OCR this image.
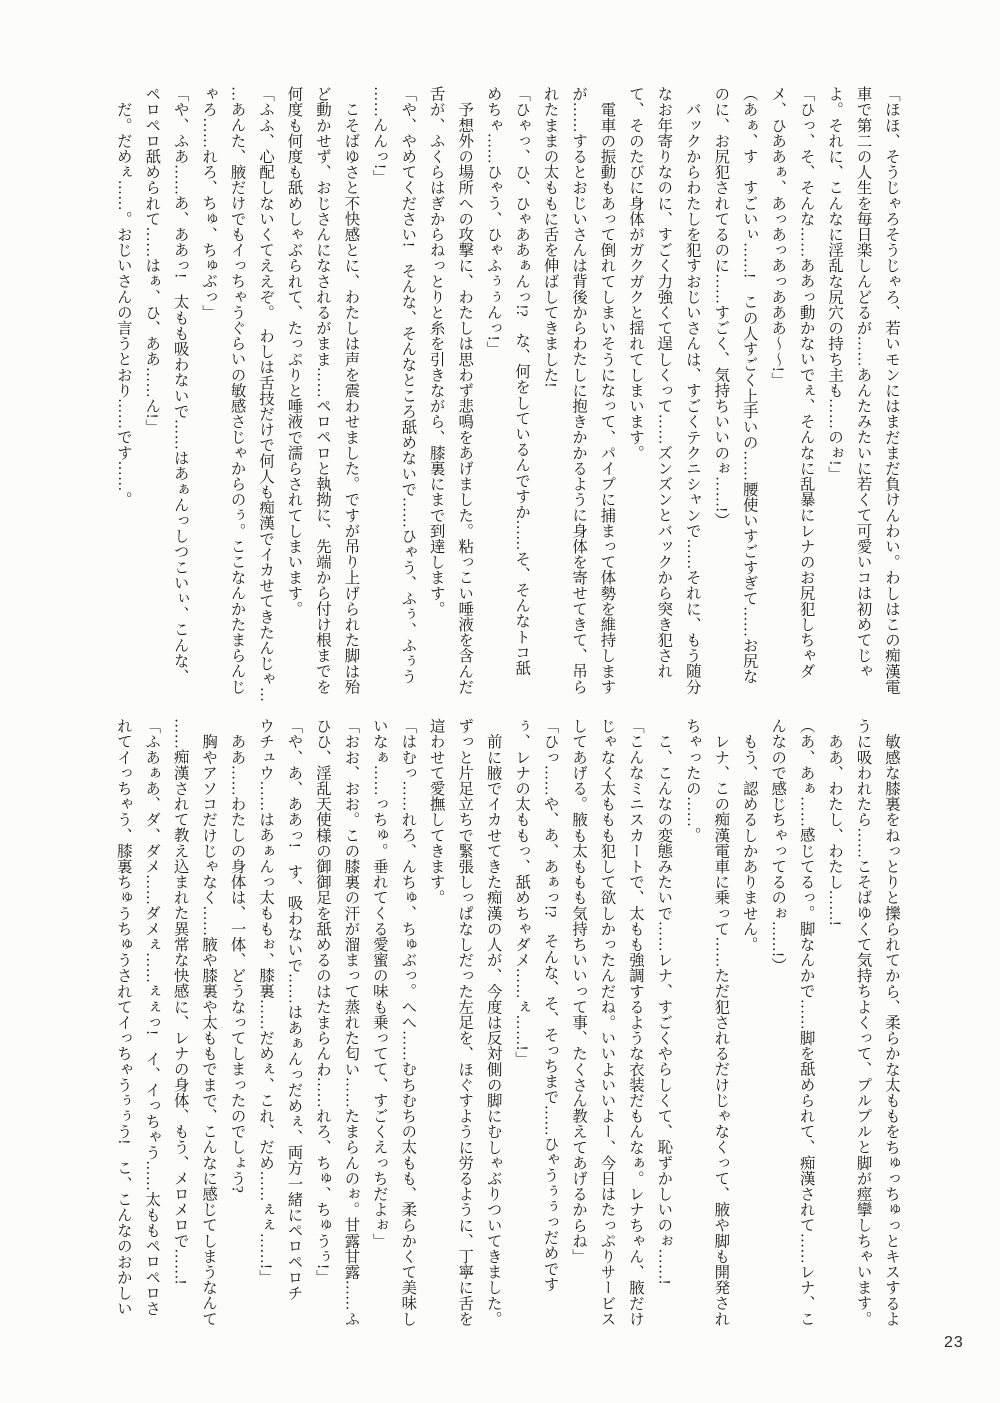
「ほほ、そうじゃろそうじゃろ、若いモンにはまだまだ負けんわい。わしはこの痴漢電
車で第二の人生を毎日楽しんどるが……あんたみたいに若くて可愛いコは初めてじゃ
よ。それに、こんなに淫乱な尻穴の持ち主も……のぉ!」
「ひっ、そ、そんな……ああっ動かないでぇ、そんなに乱暴にレナのお尻犯しちゃダ
メ、ひああぁ、あっあっあっあああ〜〜!」
（あぁ、す　すごいぃ……!　この人すごく上手いの……腰使いすごすぎて……お尻な
のに、お尻犯されてるのに……すごく、気持ちいいのぉ……!）
　バックからわたしを犯すおじいさんは、すごくテクニシャンで……それに、もう随分
なお年寄りなのに、すごく力強くて逞しくって……ズンズンとバックから突き犯され
て、そのたびに身体がガクガクと揺れてしまいます。
　電車の振動もあって倒れてしまいそうになって、パイプに捕まって体勢を維持します
が……するとおじいさんは背後からわたしに抱きかかるように身体を寄せてきて、吊ら
れたままの太ももに舌を伸ばしてきました!
「ひゃっ、ひ、ひゃああぁんっ!?　な、何をしているんですか……そ、そんなトコ舐
めちゃ……ひゃう、ひゃふぅぅんっ!」
　予想外の場所への攻撃に、わたしは思わず悲鳴をあげました。粘っこい唾液を含んだ
舌が、ふくらはぎからねっとりと糸を引きながら、膝裏にまで到達します。
「や、やめてください!　そんな、そんなところ舐めないで……ひゃう、ふぅ、ふぅう
……んんっ!」
　こそばゆさと不快感とに、わたしは声を震わせました。ですが吊り上げられた脚は殆
ど動かせず、おじさんになされるがまま……ペロペロと執拗に、先端から付け根までを
何度も何度も舐めしゃぶられて、たっぷりと唾液で濡らされてしまいます。
「ふふ、心配しないくてええぞ。　わしは舌技だけで何人も痴漢でイカせてきたんじゃ…
…あんた、腋だけでもイっちゃうぐらいの敏感さじゃからのぅ。ここなんかたまらんじ
ゃろ……れろ、ちゅ、ちゅぶっ」
「や、ふあ……あ、ああっ!　太もも吸わないで……はあぁんっしつこいぃ、こんな、
ペロペロ舐められて……はぁ、ひ、ああ……ん!」
　だ。だめぇ……。おじいさんの言うとおり……です……。
　敏感な膝裏をねっとりと擽られてから、柔らかな太ももをちゅっちゅっとキスするよ
うに吸われたら……こそばゆくて気持ちよくって、プルプルと脚が痙攣しちゃいます。
　ああ、わたし、わたし……!
（あ、あぁ……感じてるっ。脚なんかで……脚を舐められて、痴漢されて……レナ、こ
んなので感じちゃってるのぉ……!）
　もう、認めるしかありません。
　レナ、この痴漢電車に乗って……ただ犯されるだけじゃなくって、腋や脚も開発され
ちゃったの……。
　こ、こんなの変態みたいで……レナ、すごくやらしくて、恥ずかしいのぉ……!
「こんなミニスカートで、太もも強調するような衣装だもんなぁ。レナちゃん、腋だけ
じゃなく太ももも犯して欲しかったんだね。いいよいいよー、今日はたっぷりサービス
してあげる。腋も太ももも気持ちいいって事、たくさん教えてあげるからね」
「ひっ……や、あ、あぁっ!?　そんな、そ、そっちまで……ひゃうぅぅっだめです
ぅ、レナの太ももっ、舐めちゃダメ……ぇ……!」
　前に腋でイカせてきた痴漢の人が、今度は反対側の脚にむしゃぶりついてきました。
ずっと片足立ちで緊張しっぱなしだった左足を、ほぐすように労るように、丁寧に舌を
這わせて愛撫してきます。
「はむっ……れろ、んちゅ、ちゅぶっ。へへ……むちむちの太もも、柔らかくて美味し
いなぁ……っちゅ。垂れてくる愛蜜の味も乗ってて、すごくえっちだよぉ」
「おお、おお。この膝裏の汗が溜まって蒸れた匂い……たまらんのぉ。甘露甘露……ふ
ひひ、淫乱天使様の御御足を舐めるのはたまらんわ……れろ、ちゅ、ちゅうぅ!」
「や、あ、ああっ!　す、吸わないで……はあぁんっだめぇ、両方一緒にペロペロチ
ウチュウ……はあぁんっ太ももぉ、膝裏……だめぇ、これ、だめ……ぇぇ……!」
　ああ……わたしの身体は、一体、どうなってしまったのでしょう?
　胸やアソコだけじゃなく……腋や膝裏や太ももでまで、こんなに感じてしまうなんて
……痴漢されて教え込まれた異常な快感に、レナの身体、もう、メロメロで……!
「ふあぁあ、ダ、ダメ……ダメぇ……ぇぇっ!　イ、イっちゃう……太ももペロペロさ
れてイっちゃう、膝裏ちゅうちゅうされてイっちゃうぅぅう!　こ、こんなのおかしい
23
